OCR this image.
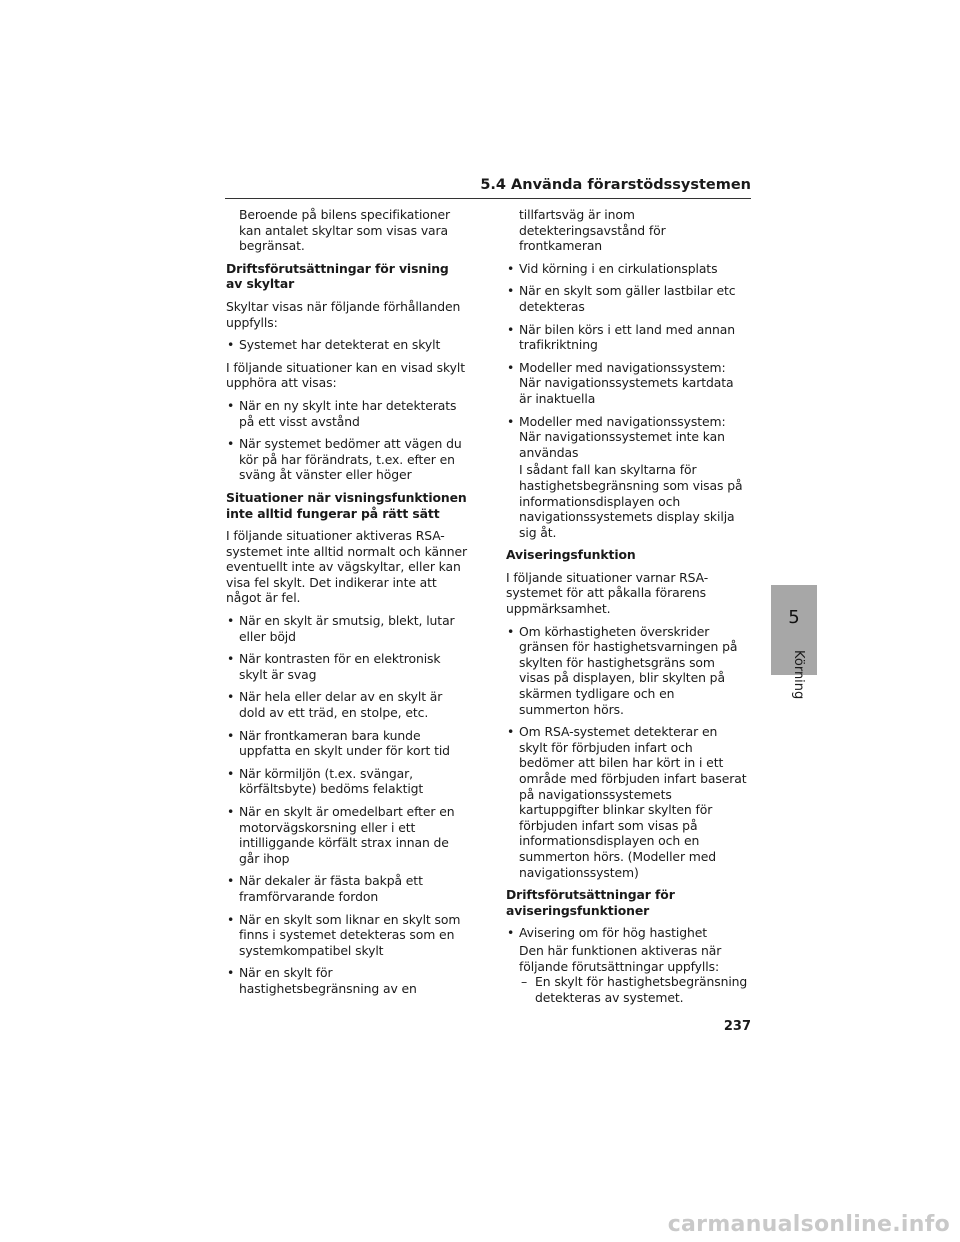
5.4 Använda förarstödssystemen
Beroende på bilens specifikationer kan antalet skyltar som visas vara begränsat.
Driftsförutsättningar för visning av skyltar
Skyltar visas när följande förhållanden uppfylls:
• Systemet har detekterat en skylt
I följande situationer kan en visad skylt upphöra att visas:
• När en ny skylt inte har detekterats på ett visst avstånd
• När systemet bedömer att vägen du kör på har förändrats, t.ex. efter en sväng åt vänster eller höger
Situationer när visningsfunktionen inte alltid fungerar på rätt sätt
I följande situationer aktiveras RSA-systemet inte alltid normalt och känner eventuellt inte av vägskyltar, eller kan visa fel skylt. Det indikerar inte att något är fel.
• När en skylt är smutsig, blekt, lutar eller böjd
• När kontrasten för en elektronisk skylt är svag
• När hela eller delar av en skylt är dold av ett träd, en stolpe, etc.
• När frontkameran bara kunde uppfatta en skylt under för kort tid
• När körmiljön (t.ex. svängar, körfältsbyte) bedöms felaktigt
• När en skylt är omedelbart efter en motorvägskorsning eller i ett intilliggande körfält strax innan de går ihop
• När dekaler är fästa bakpå ett framförvarande fordon
• När en skylt som liknar en skylt som finns i systemet detekteras som en systemkompatibel skylt
• När en skylt för hastighetsbegränsning av en
tillfartsväg är inom detekteringsavstånd för frontkameran
• Vid körning i en cirkulationsplats
• När en skylt som gäller lastbilar etc detekteras
• När bilen körs i ett land med annan trafikriktning
• Modeller med navigationssystem: När navigationssystemets kartdata är inaktuella
• Modeller med navigationssystem: När navigationssystemet inte kan användas
I sådant fall kan skyltarna för hastighetsbegränsning som visas på informationsdisplayen och navigationssystemets display skilja sig åt.
Aviseringsfunktion
I följande situationer varnar RSA-systemet för att påkalla förarens uppmärksamhet.
• Om körhastigheten överskrider gränsen för hastighetsvarningen på skylten för hastighetsgräns som visas på displayen, blir skylten på skärmen tydligare och en summerton hörs.
• Om RSA-systemet detekterar en skylt för förbjuden infart och bedömer att bilen har kört in i ett område med förbjuden infart baserat på navigationssystemets kartuppgifter blinkar skylten för förbjuden infart som visas på informationsdisplayen och en summerton hörs. (Modeller med navigationssystem)
Driftsförutsättningar för aviseringsfunktioner
• Avisering om för hög hastighet
Den här funktionen aktiveras när följande förutsättningar uppfylls:
– En skylt för hastighetsbegränsning detekteras av systemet.
5
Körning
237
carmanualsonline.info
